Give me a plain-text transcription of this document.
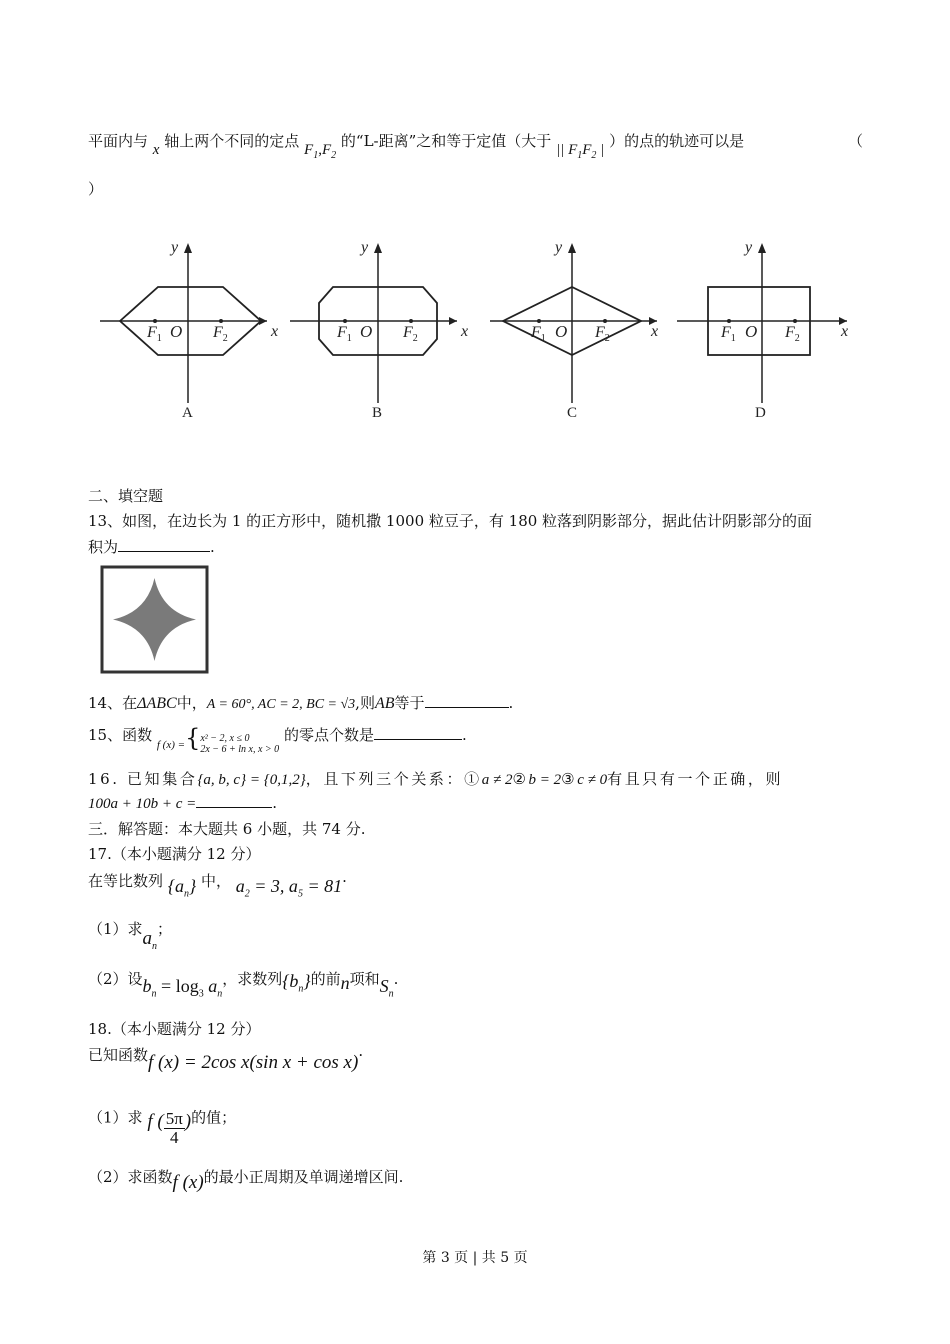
平面内与 x 轴上两个不同的定点 $F_1,F_2$ 的“L-距离”之和等于定值（大于 || $F_1F_2$ | ）的点的轨迹可以是	（
）
y
x
O
$F_1$	$F_2$
A
y
x
O
$F_1$	$F_2$
B
y
x
O
$F_1$	$F_2$
C
y
x
O
$F_1$	$F_2$
D
二、填空题
13、如图，在边长为 1 的正方形中，随机撒 1000 粒豆子，有 180 粒落到阴影部分，据此估计阴影部分的面
积为	.
14、在ΔABC中，A = 60°, AC = 2, BC = √3,则AB等于	.
15、函数 $_{f (x) =}${ x² − 2, x ≤ 0
2x − 6 + ln x, x > 0
的零点个数是	.
16. 已知集合{a, b, c} = {0,1,2}，且下列三个关系：①a ≠ 2②b = 2③c ≠ 0有且只有一个正确，则
100a + 10b + c =	.
三．解答题：本大题共 6 小题，共 74 分.
17.（本小题满分 12 分）
在等比数列 $\{a_n\}$ 中， $a_2 = 3$, $a_5 = 81\cdot$
（1）求$a_n$；
（2）设$b_n = \log_3 a_n$，求数列$\{b_n\}$的前n项和$S_n$.
18.（本小题满分 12 分）
已知函数f (x) = 2cos x(sin x + cos x)·
（1）求 f ( $\frac{5\pi}{4}$ )的值；
（2）求函数f (x)的最小正周期及单调递增区间.
第 3 页 | 共 5 页
